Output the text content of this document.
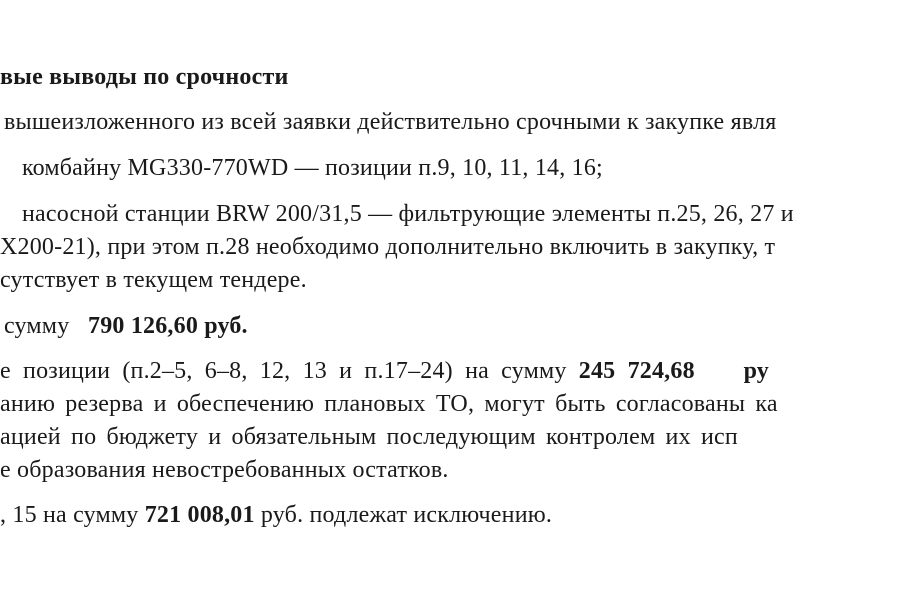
вые выводы по срочности
вышеизложенного из всей заявки действительно срочными к закупке явля
комбайну MG330-770WD — позиции п.9, 10, 11, 14, 16;
насосной станции BRW 200/31,5 — фильтрующие элементы п.25, 26, 27 и
X200-21), при этом п.28 необходимо дополнительно включить в закупку, т
сутствует в текущем тендере.
сумму 790 126,60 руб.
е позиции (п.2–5, 6–8, 12, 13 и п.17–24) на сумму 245 724,68 ру
анию резерва и обеспечению плановых ТО, могут быть согласованы ка
ацией по бюджету и обязательным последующим контролем их исп
е образования невостребованных остатков.
, 15 на сумму 721 008,01 руб. подлежат исключению.
